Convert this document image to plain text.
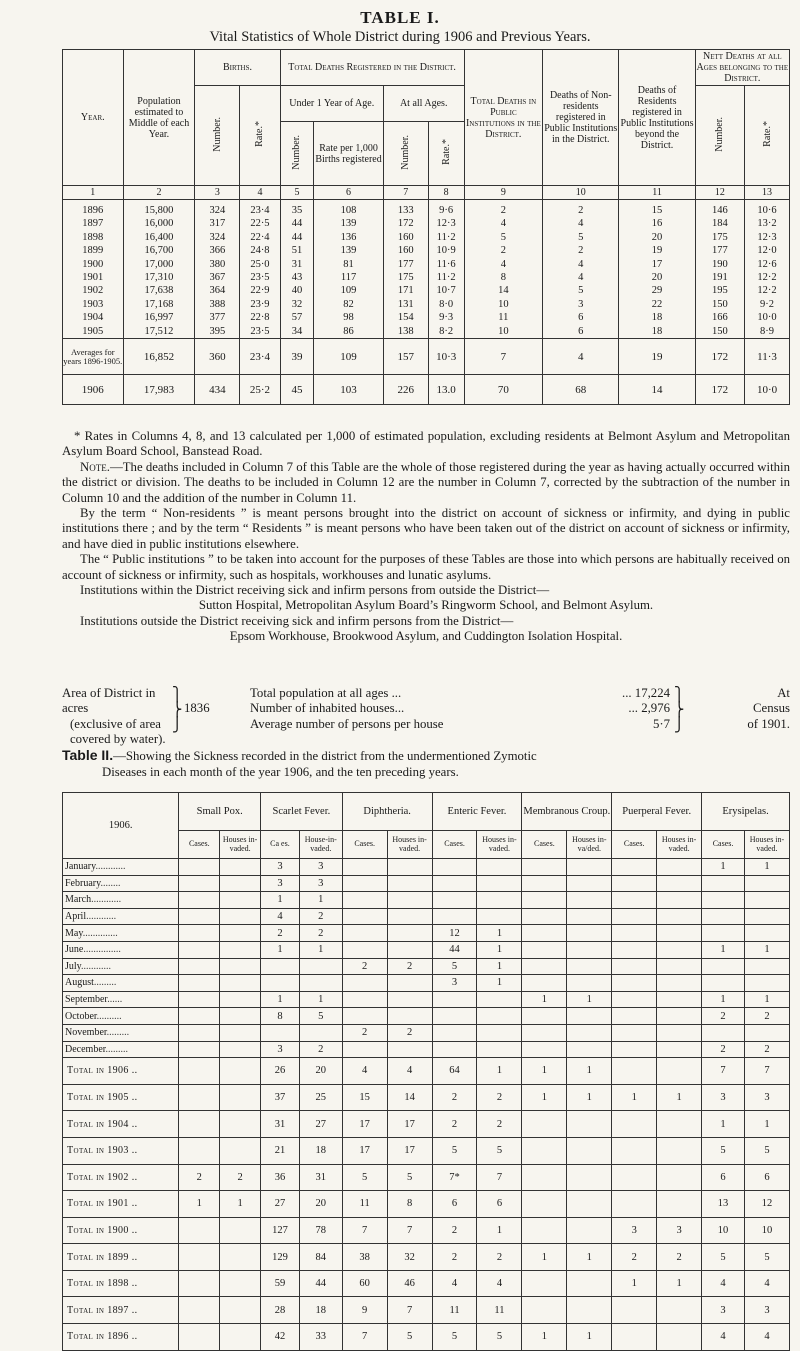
TABLE I.
Vital Statistics of Whole District during 1906 and Previous Years.
Year.	Population estimated to Middle of each Year.	Births.		Total Deaths Registered in the District.				Total Deaths in Public Institutions in the District.	Deaths of Non-residents registered in Public Institutions in the District.	Deaths of Residents registered in Public Institutions beyond the District.	Nett Deaths at all Ages belonging to the District.	
		Number.	Rate.*	Under 1 Year of Age.		At all Ages.					Number.	Rate.*
				Number.	Rate per 1,000 Births registered	Number.	Rate.*					
1	2	3	4	5	6	7	8	9	10	11	12	13
1896	15,800	324	23·4	35	108	133	9·6	2	2	15	146	10·6
1897	16,000	317	22·5	44	139	172	12·3	4	4	16	184	13·2
1898	16,400	324	22·4	44	136	160	11·2	5	5	20	175	12·3
1899	16,700	366	24·8	51	139	160	10·9	2	2	19	177	12·0
1900	17,000	380	25·0	31	81	177	11·6	4	4	17	190	12·6
1901	17,310	367	23·5	43	117	175	11·2	8	4	20	191	12·2
1902	17,638	364	22·9	40	109	171	10·7	14	5	29	195	12·2
1903	17,168	388	23·9	32	82	131	8·0	10	3	22	150	9·2
1904	16,997	377	22·8	57	98	154	9·3	11	6	18	166	10·0
1905	17,512	395	23·5	34	86	138	8·2	10	6	18	150	8·9
Averages for years 1896-1905.	16,852	360	23·4	39	109	157	10·3	7	4	19	172	11·3
1906	17,983	434	25·2	45	103	226	13.0	70	68	14	172	10·0

* Rates in Columns 4, 8, and 13 calculated per 1,000 of estimated population, excluding residents at Belmont Asylum and Metropolitan Asylum Board School, Banstead Road.

Note.—The deaths included in Column 7 of this Table are the whole of those registered during the year as having actually occurred within the district or division. The deaths to be included in Column 12 are the number in Column 7, corrected by the subtraction of the number in Column 10 and the addition of the number in Column 11.

By the term “ Non-residents ” is meant persons brought into the district on account of sickness or infirmity, and dying in public institutions there ; and by the term “ Residents ” is meant persons who have been taken out of the district on account of sickness or infirmity, and have died in public institutions elsewhere.

The “ Public institutions ” to be taken into account for the purposes of these Tables are those into which persons are habitually received on account of sickness or infirmity, such as hospitals, workhouses and lunatic asylums.

Institutions within the District receiving sick and infirm persons from outside the District—

Sutton Hospital, Metropolitan Asylum Board’s Ringworm School, and Belmont Asylum.

Institutions outside the District receiving sick and infirm persons from the District—

Epsom Workhouse, Brookwood Asylum, and Cuddington Isolation Hospital.

Area of District in acres
(exclusive of area
covered by water).
⎫
⎬
⎭
1836
Total population at all ages ...	... 17,224
Number of inhabited houses...	... 2,976
Average number of persons per house	5·7
⎫
⎬
⎭
At
Census
of 1901.
Table II.—Showing the Sickness recorded in the district from the undermentioned Zymotic
Diseases in each month of the year 1906, and the ten preceding years.
1906.	Small Pox.		Scarlet Fever.		Diphtheria.		Enteric Fever.		Membranous Croup.		Puerperal Fever.		Erysipelas.	
	Cases.	Houses in-vaded.	Ca es.	House-in-vaded.	Cases.	Houses in-vaded.	Cases.	Houses in-vaded.	Cases.	Houses in-va/ded.	Cases.	Houses in-vaded.	Cases.	Houses in-vaded.
January............			3	3									1	1
February........			3	3										
March............			1	1										
April............			4	2										
May..............			2	2			12	1						
June...............			1	1			44	1					1	1
July............					2	2	5	1						
August.........							3	1						
September......			1	1					1	1			1	1
October..........			8	5									2	2
November.........					2	2								
December.........			3	2									2	2
Total in 1906 ..			26	20	4	4	64	1	1	1			7	7
Total in 1905 ..			37	25	15	14	2	2	1	1	1	1	3	3
Total in 1904 ..			31	27	17	17	2	2					1	1
Total in 1903 ..			21	18	17	17	5	5					5	5
Total in 1902 ..	2	2	36	31	5	5	7*	7					6	6
Total in 1901 ..	1	1	27	20	11	8	6	6					13	12
Total in 1900 ..			127	78	7	7	2	1			3	3	10	10
Total in 1899 ..			129	84	38	32	2	2	1	1	2	2	5	5
Total in 1898 ..			59	44	60	46	4	4			1	1	4	4
Total in 1897 ..			28	18	9	7	11	11					3	3
Total in 1896 ..			42	33	7	5	5	5	1	1			4	4
